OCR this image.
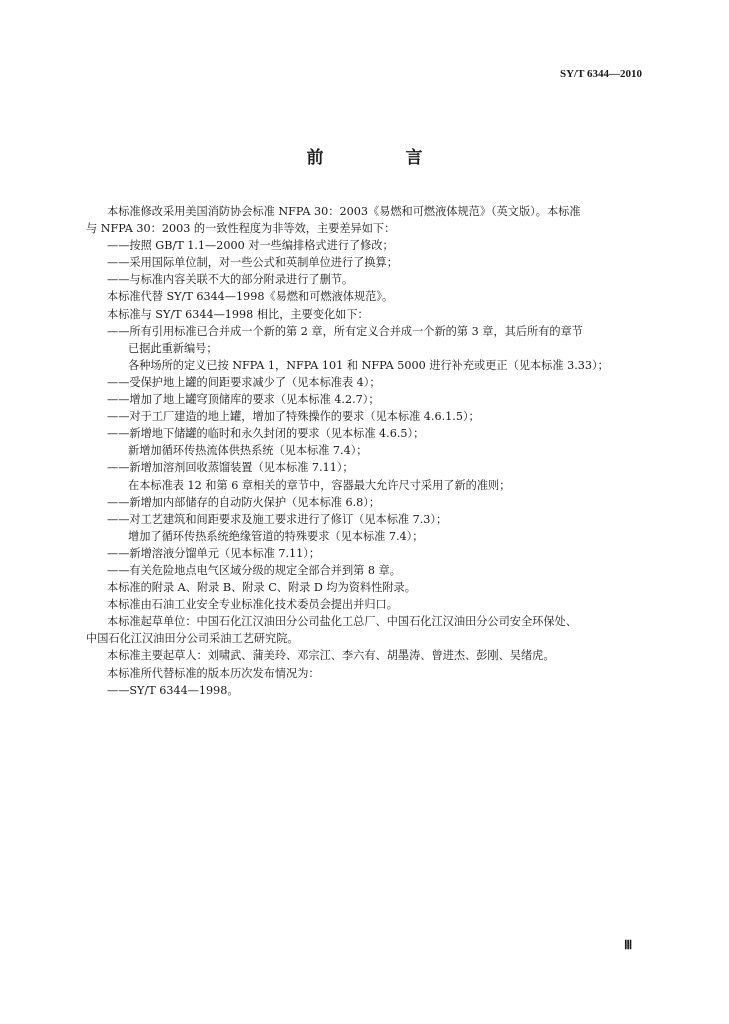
SY/T 6344—2010
前 言
本标准修改采用美国消防协会标准 NFPA 30：2003《易燃和可燃液体规范》（英文版）。本标准
与 NFPA 30：2003 的一致性程度为非等效，主要差异如下：
——按照 GB/T 1.1—2000 对一些编排格式进行了修改；
——采用国际单位制，对一些公式和英制单位进行了换算；
——与标准内容关联不大的部分附录进行了删节。
本标准代替 SY/T 6344—1998《易燃和可燃液体规范》。
本标准与 SY/T 6344—1998 相比，主要变化如下：
——所有引用标准已合并成一个新的第 2 章，所有定义合并成一个新的第 3 章，其后所有的章节
已据此重新编号；
各种场所的定义已按 NFPA 1，NFPA 101 和 NFPA 5000 进行补充或更正（见本标准 3.33）；
——受保护地上罐的间距要求减少了（见本标准表 4）；
——增加了地上罐穹顶储库的要求（见本标准 4.2.7）；
——对于工厂建造的地上罐，增加了特殊操作的要求（见本标准 4.6.1.5）；
——新增地下储罐的临时和永久封闭的要求（见本标准 4.6.5）；
新增加循环传热流体供热系统（见本标准 7.4）；
——新增加溶剂回收蒸馏装置（见本标准 7.11）；
在本标准表 12 和第 6 章相关的章节中，容器最大允许尺寸采用了新的准则；
——新增加内部储存的自动防火保护（见本标准 6.8）；
——对工艺建筑和间距要求及施工要求进行了修订（见本标准 7.3）；
增加了循环传热系统绝缘管道的特殊要求（见本标准 7.4）；
——新增溶液分馏单元（见本标准 7.11）；
——有关危险地点电气区域分级的规定全部合并到第 8 章。
本标准的附录 A、附录 B、附录 C、附录 D 均为资料性附录。
本标准由石油工业安全专业标准化技术委员会提出并归口。
本标准起草单位：中国石化江汉油田分公司盐化工总厂、中国石化江汉油田分公司安全环保处、
中国石化江汉油田分公司采油工艺研究院。
本标准主要起草人：刘啸武、蒲美玲、邓宗江、李六有、胡墨涛、曾进杰、彭刚、吴绪虎。
本标准所代替标准的版本历次发布情况为：
——SY/T 6344—1998。
Ⅲ
